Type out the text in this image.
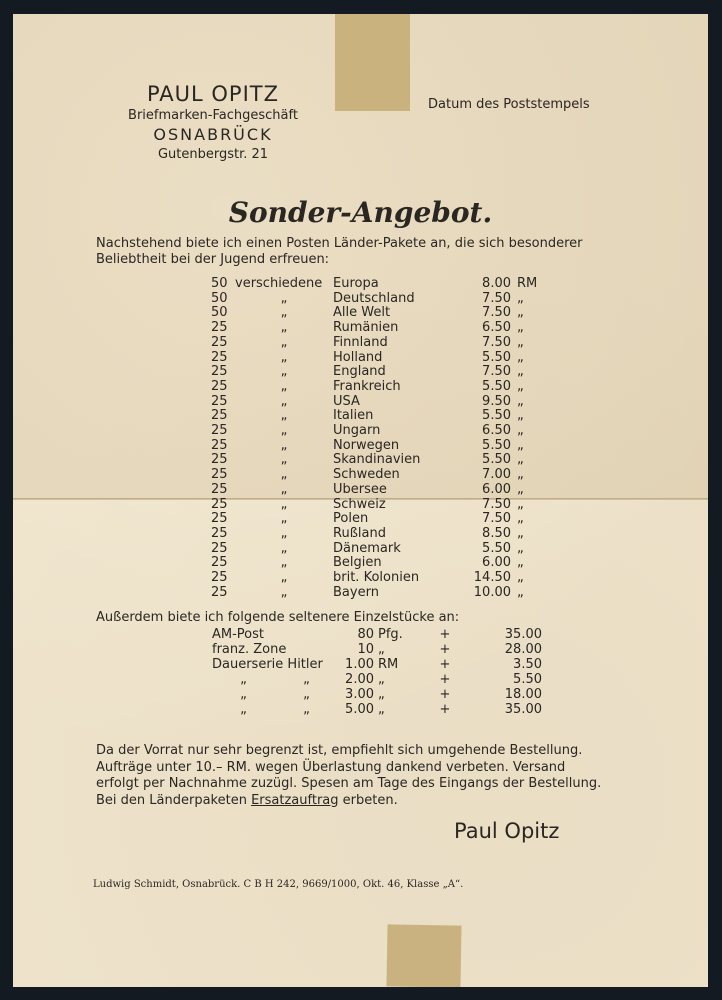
PAUL OPITZ
Briefmarken-Fachgeschäft
OSNABRÜCK
Gutenbergstr. 21
Datum des Poststempels
Sonder-Angebot.
Nachstehend biete ich einen Posten Länder-Pakete an, die sich besonderer Beliebtheit bei der Jugend erfreuen:
50 verschiedene Europa	8.00 RM
50	„	Deutschland	7.50 „
50	„	Alle Welt	7.50 „
25	„	Rumänien	6.50 „
25	„	Finnland	7.50 „
25	„	Holland	5.50 „
25	„	England	7.50 „
25	„	Frankreich	5.50 „
25	„	USA	9.50 „
25	„	Italien	5.50 „
25	„	Ungarn	6.50 „
25	„	Norwegen	5.50 „
25	„	Skandinavien	5.50 „
25	„	Schweden	7.00 „
25	„	Übersee	6.00 „
25	„	Schweiz	7.50 „
25	„	Polen	7.50 „
25	„	Rußland	8.50 „
25	„	Dänemark	5.50 „
25	„	Belgien	6.00 „
25	„	brit. Kolonien	14.50 „
25	„	Bayern	10.00 „
Außerdem biete ich folgende seltenere Einzelstücke an:
AM-Post	80 Pfg.	+	35.00
franz. Zone	10 „	+	28.00
Dauerserie Hitler	1.00 RM	+	3.50
„	„	2.00 „	+	5.50
„	„	3.00 „	+	18.00
„	„	5.00 „	+	35.00
Da der Vorrat nur sehr begrenzt ist, empfiehlt sich umgehende Bestellung.
Aufträge unter 10.– RM. wegen Überlastung dankend verbeten. Versand
erfolgt per Nachnahme zuzügl. Spesen am Tage des Eingangs der Bestellung.
Bei den Länderpaketen Ersatzauftrag erbeten.
Paul Opitz
Ludwig Schmidt, Osnabrück. C B H 242, 9669/1000, Okt. 46, Klasse „A“.
